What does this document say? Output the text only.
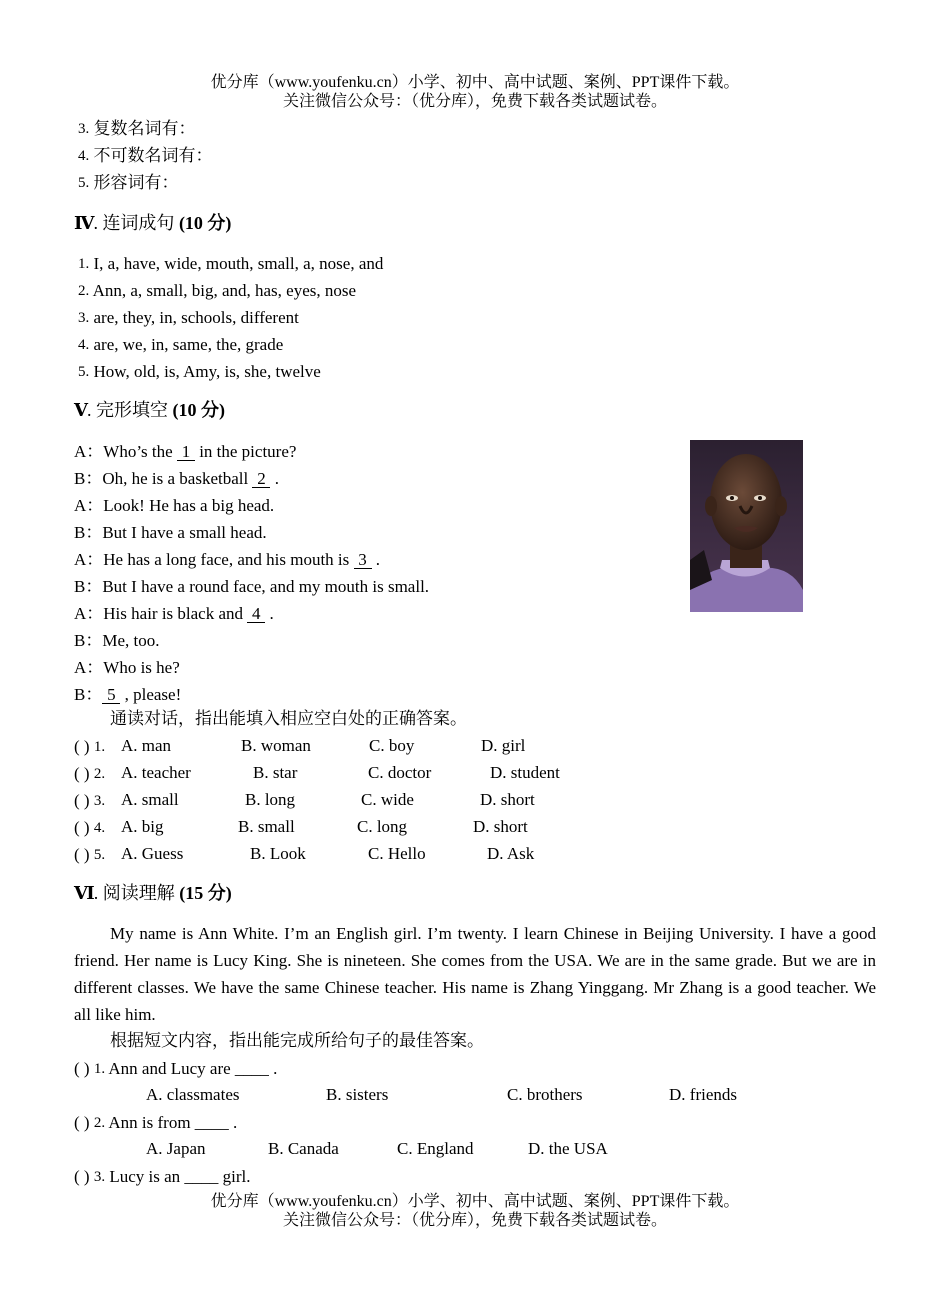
优分库（www.youfenku.cn）小学、初中、高中试题、案例、PPT课件下载。
关注微信公众号：（优分库），免费下载各类试题试卷。
3. 复数名词有：
4. 不可数名词有：
5. 形容词有：
Ⅳ. 连词成句 (10 分)
1. I, a, have, wide, mouth, small, a, nose, and
2. Ann, a, small, big, and, has, eyes, nose
3. are, they, in, schools, different
4. are, we, in, same, the, grade
5. How, old, is, Amy, is, she, twelve
Ⅴ. 完形填空 (10 分)
A：Who’s the 1 in the picture?
B：Oh, he is a basketball 2 .
A：Look! He has a big head.
B：But I have a small head.
A：He has a long face, and his mouth is 3 .
B：But I have a round face, and my mouth is small.
A：His hair is black and 4 .
B：Me, too.
A：Who is he?
B： 5 , please!
通读对话，指出能填入相应空白处的正确答案。
( ) 1. A. man	B. woman	C. boy	D. girl
( ) 2. A. teacher	B. star	C. doctor	D. student
( ) 3. A. small	B. long	C. wide	D. short
( ) 4. A. big	B. small	C. long	D. short
( ) 5. A. Guess	B. Look	C. Hello	D. Ask
Ⅵ. 阅读理解 (15 分)
My name is Ann White. I’m an English girl. I’m twenty. I learn Chinese in Beijing University. I have a good friend. Her name is Lucy King. She is nineteen. She comes from the USA. We are in the same grade. But we are in different classes. We have the same Chinese teacher. His name is Zhang Yinggang. Mr Zhang is a good teacher. We all like him.
根据短文内容，指出能完成所给句子的最佳答案。
( ) 1. Ann and Lucy are ____ .
A. classmates	B. sisters	C. brothers	D. friends
( ) 2. Ann is from ____ .
A. Japan	B. Canada	C. England	D. the USA
( ) 3. Lucy is an ____ girl.
优分库（www.youfenku.cn）小学、初中、高中试题、案例、PPT课件下载。
关注微信公众号：（优分库），免费下载各类试题试卷。
